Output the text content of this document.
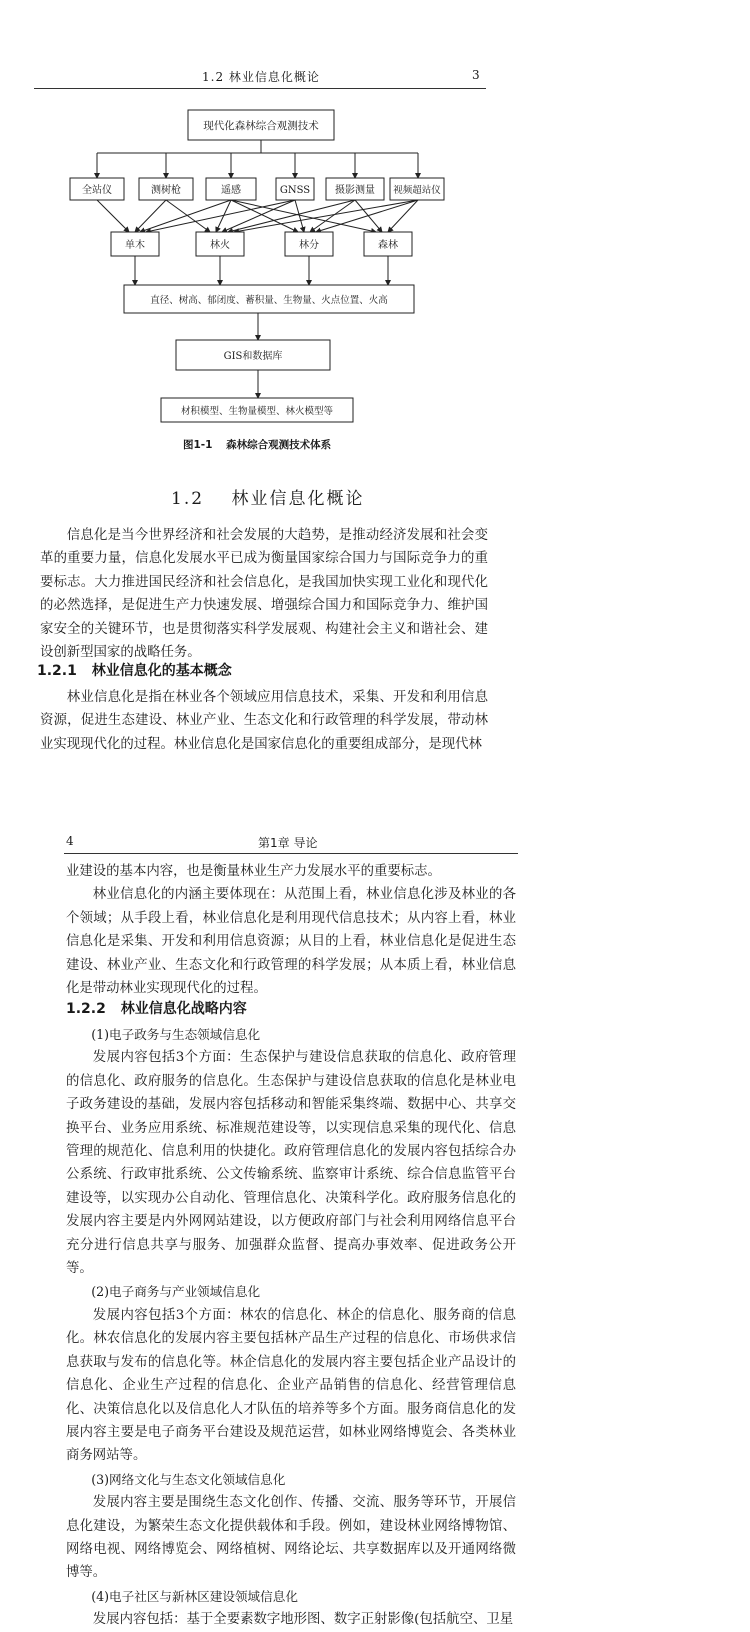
1.2 林业信息化概论	3
现代化森林综合观测技术
全站仪	测树枪	遥感	GNSS 摄影测量 视频超站仪
单木	林火	林分	森林
直径、树高、郁闭度、蓄积量、生物量、火点位置、火高
GIS和数据库
材积模型、生物量模型、林火模型等
图1-1 森林综合观测技术体系
1.2 林业信息化概论

信息化是当今世界经济和社会发展的大趋势，是推动经济发展和社会变革的重要力量，信息化发展水平已成为衡量国家综合国力与国际竞争力的重要标志。大力推进国民经济和社会信息化，是我国加快实现工业化和现代化的必然选择，是促进生产力快速发展、增强综合国力和国际竞争力、维护国家安全的关键环节，也是贯彻落实科学发展观、构建社会主义和谐社会、建设创新型国家的战略任务。

1.2.1 林业信息化的基本概念

林业信息化是指在林业各个领域应用信息技术，采集、开发和利用信息资源，促进生态建设、林业产业、生态文化和行政管理的科学发展，带动林业实现现代化的过程。林业信息化是国家信息化的重要组成部分，是现代林

4	第1章 导论

业建设的基本内容，也是衡量林业生产力发展水平的重要标志。

林业信息化的内涵主要体现在：从范围上看，林业信息化涉及林业的各个领域；从手段上看，林业信息化是利用现代信息技术；从内容上看，林业信息化是采集、开发和利用信息资源；从目的上看，林业信息化是促进生态建设、林业产业、生态文化和行政管理的科学发展；从本质上看，林业信息化是带动林业实现现代化的过程。

1.2.2 林业信息化战略内容

(1)电子政务与生态领域信息化

发展内容包括3个方面：生态保护与建设信息获取的信息化、政府管理的信息化、政府服务的信息化。生态保护与建设信息获取的信息化是林业电子政务建设的基础，发展内容包括移动和智能采集终端、数据中心、共享交换平台、业务应用系统、标准规范建设等，以实现信息采集的现代化、信息管理的规范化、信息利用的快捷化。政府管理信息化的发展内容包括综合办公系统、行政审批系统、公文传输系统、监察审计系统、综合信息监管平台建设等，以实现办公自动化、管理信息化、决策科学化。政府服务信息化的发展内容主要是内外网网站建设，以方便政府部门与社会利用网络信息平台充分进行信息共享与服务、加强群众监督、提高办事效率、促进政务公开等。

(2)电子商务与产业领域信息化

发展内容包括3个方面：林农的信息化、林企的信息化、服务商的信息化。林农信息化的发展内容主要包括林产品生产过程的信息化、市场供求信息获取与发布的信息化等。林企信息化的发展内容主要包括企业产品设计的信息化、企业生产过程的信息化、企业产品销售的信息化、经营管理信息化、决策信息化以及信息化人才队伍的培养等多个方面。服务商信息化的发展内容主要是电子商务平台建设及规范运营，如林业网络博览会、各类林业商务网站等。

(3)网络文化与生态文化领域信息化

发展内容主要是围绕生态文化创作、传播、交流、服务等环节，开展信息化建设，为繁荣生态文化提供载体和手段。例如，建设林业网络博物馆、网络电视、网络博览会、网络植树、网络论坛、共享数据库以及开通网络微博等。

(4)电子社区与新林区建设领域信息化

发展内容包括：基于全要素数字地形图、数字正射影像(包括航空、卫星
